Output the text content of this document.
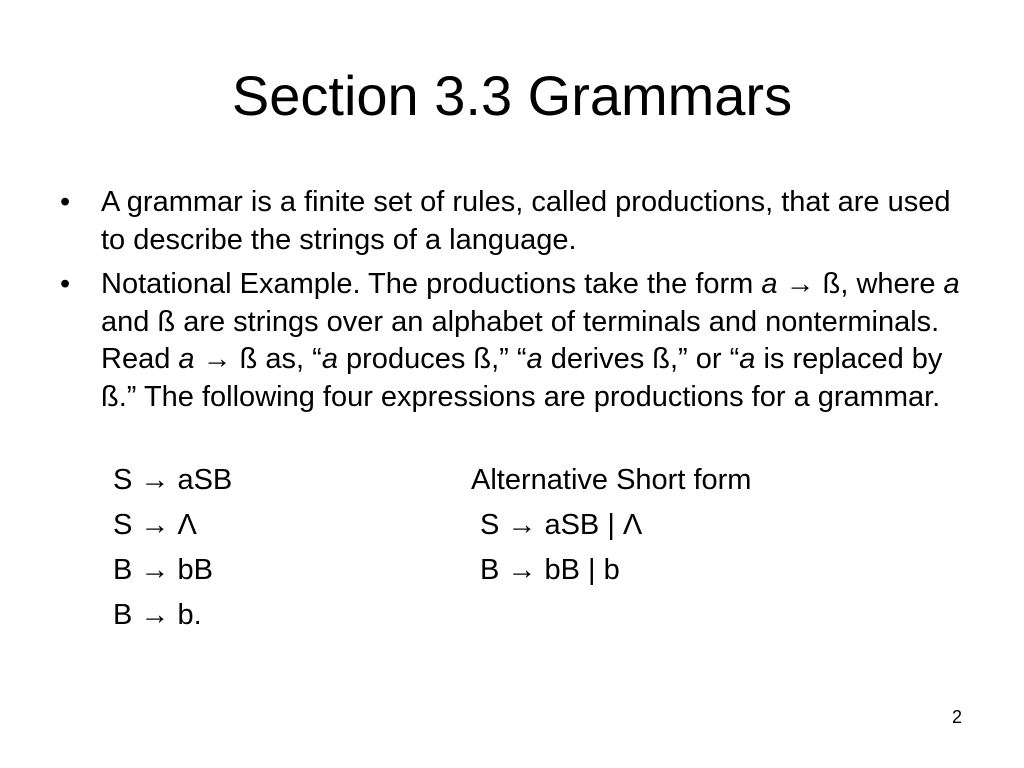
Section 3.3 Grammars
• A grammar is a finite set of rules, called productions, that are used to describe the strings of a language.
• Notational Example. The productions take the form a → ß, where a and ß are strings over an alphabet of terminals and nonterminals. Read a → ß as, “a produces ß,” “a derives ß,” or “a is replaced by ß.” The following four expressions are productions for a grammar.
S → aSB	Alternative Short form
S → Λ	S → aSB | Λ
B → bB	B → bB | b
B → b.
2
